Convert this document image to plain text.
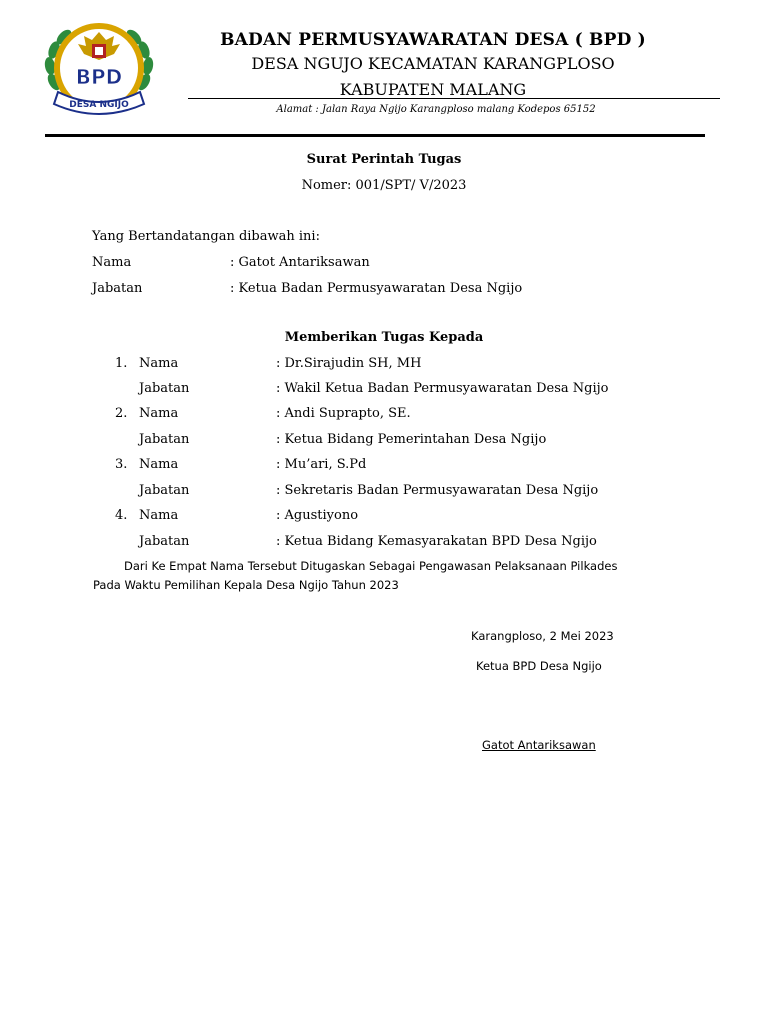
BPD
DESA NGIJO
BADAN PERMUSYAWARATAN DESA ( BPD )
DESA NGUJO KECAMATAN KARANGPLOSO
KABUPATEN MALANG
Alamat : Jalan Raya Ngijo Karangploso malang Kodepos 65152
Surat Perintah Tugas
Nomer: 001/SPT/ V/2023
Yang Bertandatangan dibawah ini:
Nama	: Gatot Antariksawan
Jabatan	: Ketua Badan Permusyawaratan Desa Ngijo
Memberikan Tugas Kepada
1. Nama	: Dr.Sirajudin SH, MH
Jabatan	: Wakil Ketua Badan Permusyawaratan Desa Ngijo
2. Nama	: Andi Suprapto, SE.
Jabatan	: Ketua Bidang Pemerintahan Desa Ngijo
3. Nama	: Mu’ari, S.Pd
Jabatan	: Sekretaris Badan Permusyawaratan Desa Ngijo
4. Nama	: Agustiyono
Jabatan	: Ketua Bidang Kemasyarakatan BPD Desa Ngijo
Dari Ke Empat Nama Tersebut Ditugaskan Sebagai Pengawasan Pelaksanaan Pilkades
Pada Waktu Pemilihan Kepala Desa Ngijo Tahun 2023
Karangploso, 2 Mei 2023
Ketua BPD Desa Ngijo
Gatot Antariksawan
